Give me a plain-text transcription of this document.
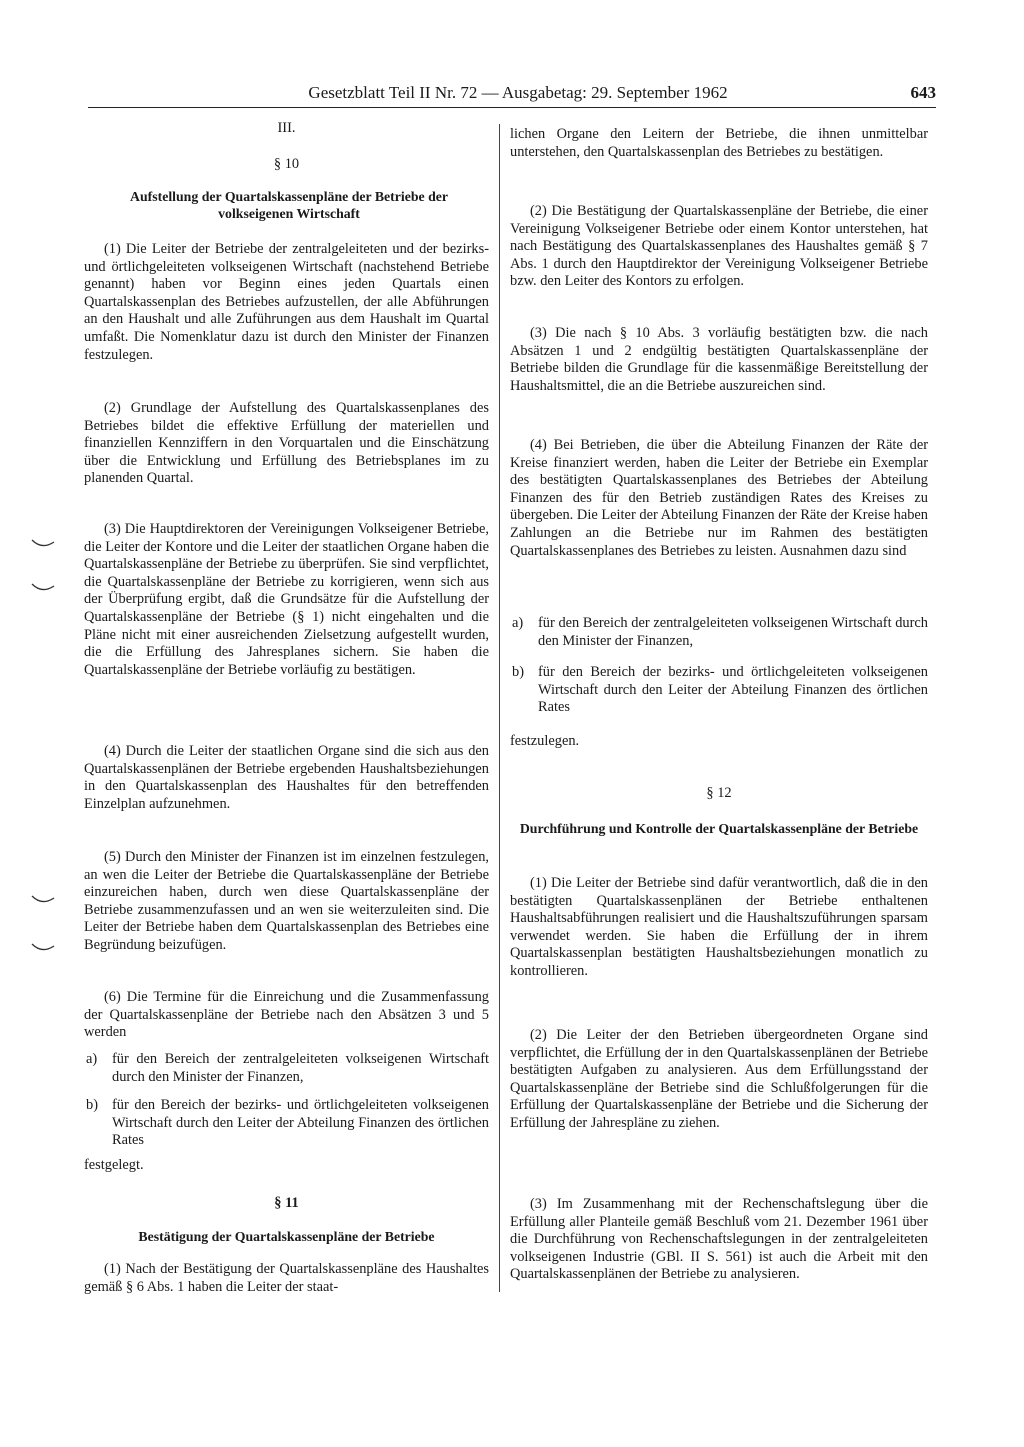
Gesetzblatt Teil II Nr. 72 — Ausgabetag: 29. September 1962	643
III.
§ 10
Aufstellung der Quartalskassenpläne der Betriebe der volkseigenen Wirtschaft

(1) Die Leiter der Betriebe der zentralgeleiteten und der bezirks- und örtlichgeleiteten volkseigenen Wirtschaft (nachstehend Betriebe genannt) haben vor Beginn eines jeden Quartals einen Quartalskassenplan des Betriebes aufzustellen, der alle Abführungen an den Haushalt und alle Zuführungen aus dem Haushalt im Quartal umfaßt. Die Nomenklatur dazu ist durch den Minister der Finanzen festzulegen.

(2) Grundlage der Aufstellung des Quartalskassenplanes des Betriebes bildet die effektive Erfüllung der materiellen und finanziellen Kennziffern in den Vorquartalen und die Einschätzung über die Entwicklung und Erfüllung des Betriebsplanes im zu planenden Quartal.

(3) Die Hauptdirektoren der Vereinigungen Volkseigener Betriebe, die Leiter der Kontore und die Leiter der staatlichen Organe haben die Quartalskassenpläne der Betriebe zu überprüfen. Sie sind verpflichtet, die Quartalskassenpläne der Betriebe zu korrigieren, wenn sich aus der Überprüfung ergibt, daß die Grundsätze für die Aufstellung der Quartalskassenpläne der Betriebe (§ 1) nicht eingehalten und die Pläne nicht mit einer ausreichenden Zielsetzung aufgestellt wurden, die die Erfüllung des Jahresplanes sichern. Sie haben die Quartalskassenpläne der Betriebe vorläufig zu bestätigen.

(4) Durch die Leiter der staatlichen Organe sind die sich aus den Quartalskassenplänen der Betriebe ergebenden Haushaltsbeziehungen in den Quartalskassenplan des Haushaltes für den betreffenden Einzelplan aufzunehmen.

(5) Durch den Minister der Finanzen ist im einzelnen festzulegen, an wen die Leiter der Betriebe die Quartalskassenpläne der Betriebe einzureichen haben, durch wen diese Quartalskassenpläne der Betriebe zusammenzufassen und an wen sie weiterzuleiten sind. Die Leiter der Betriebe haben dem Quartalskassenplan des Betriebes eine Begründung beizufügen.

(6) Die Termine für die Einreichung und die Zusammenfassung der Quartalskassenpläne der Betriebe nach den Absätzen 3 und 5 werden

a)	für den Bereich der zentralgeleiteten volkseigenen Wirtschaft durch den Minister der Finanzen,
b) für den Bereich der bezirks- und örtlichgeleiteten volkseigenen Wirtschaft durch den Leiter der Abteilung Finanzen des örtlichen Rates

festgelegt.

§ 11
Bestätigung der Quartalskassenpläne der Betriebe

(1) Nach der Bestätigung der Quartalskassenpläne des Haushaltes gemäß § 6 Abs. 1 haben die Leiter der staat-

lichen Organe den Leitern der Betriebe, die ihnen unmittelbar unterstehen, den Quartalskassenplan des Betriebes zu bestätigen.

(2) Die Bestätigung der Quartalskassenpläne der Betriebe, die einer Vereinigung Volkseigener Betriebe oder einem Kontor unterstehen, hat nach Bestätigung des Quartalskassenplanes des Haushaltes gemäß § 7 Abs. 1 durch den Hauptdirektor der Vereinigung Volkseigener Betriebe bzw. den Leiter des Kontors zu erfolgen.

(3) Die nach § 10 Abs. 3 vorläufig bestätigten bzw. die nach Absätzen 1 und 2 endgültig bestätigten Quartalskassenpläne der Betriebe bilden die Grundlage für die kassenmäßige Bereitstellung der Haushaltsmittel, die an die Betriebe auszureichen sind.

(4) Bei Betrieben, die über die Abteilung Finanzen der Räte der Kreise finanziert werden, haben die Leiter der Betriebe ein Exemplar des bestätigten Quartalskassenplanes des Betriebes der Abteilung Finanzen des für den Betrieb zuständigen Rates des Kreises zu übergeben. Die Leiter der Abteilung Finanzen der Räte der Kreise haben Zahlungen an die Betriebe nur im Rahmen des bestätigten Quartalskassenplanes des Betriebes zu leisten. Ausnahmen dazu sind

a)	für den Bereich der zentralgeleiteten volkseigenen Wirtschaft durch den Minister der Finanzen,
b) für den Bereich der bezirks- und örtlichgeleiteten volkseigenen Wirtschaft durch den Leiter der Abteilung Finanzen des örtlichen Rates

festzulegen.

§ 12
Durchführung und Kontrolle der Quartalskassenpläne der Betriebe

(1) Die Leiter der Betriebe sind dafür verantwortlich, daß die in den bestätigten Quartalskassenplänen der Betriebe enthaltenen Haushaltsabführungen realisiert und die Haushaltszuführungen sparsam verwendet werden. Sie haben die Erfüllung der in ihrem Quartalskassenplan bestätigten Haushaltsbeziehungen monatlich zu kontrollieren.

(2) Die Leiter der den Betrieben übergeordneten Organe sind verpflichtet, die Erfüllung der in den Quartalskassenplänen der Betriebe bestätigten Aufgaben zu analysieren. Aus dem Erfüllungsstand der Quartalskassenpläne der Betriebe sind die Schlußfolgerungen für die Erfüllung der Quartalskassenpläne der Betriebe und die Sicherung der Erfüllung der Jahrespläne zu ziehen.

(3) Im Zusammenhang mit der Rechenschaftslegung über die Erfüllung aller Planteile gemäß Beschluß vom 21. Dezember 1961 über die Durchführung von Rechenschaftslegungen in der zentralgeleiteten volkseigenen Industrie (GBl. II S. 561) ist auch die Arbeit mit den Quartalskassenplänen der Betriebe zu analysieren.
